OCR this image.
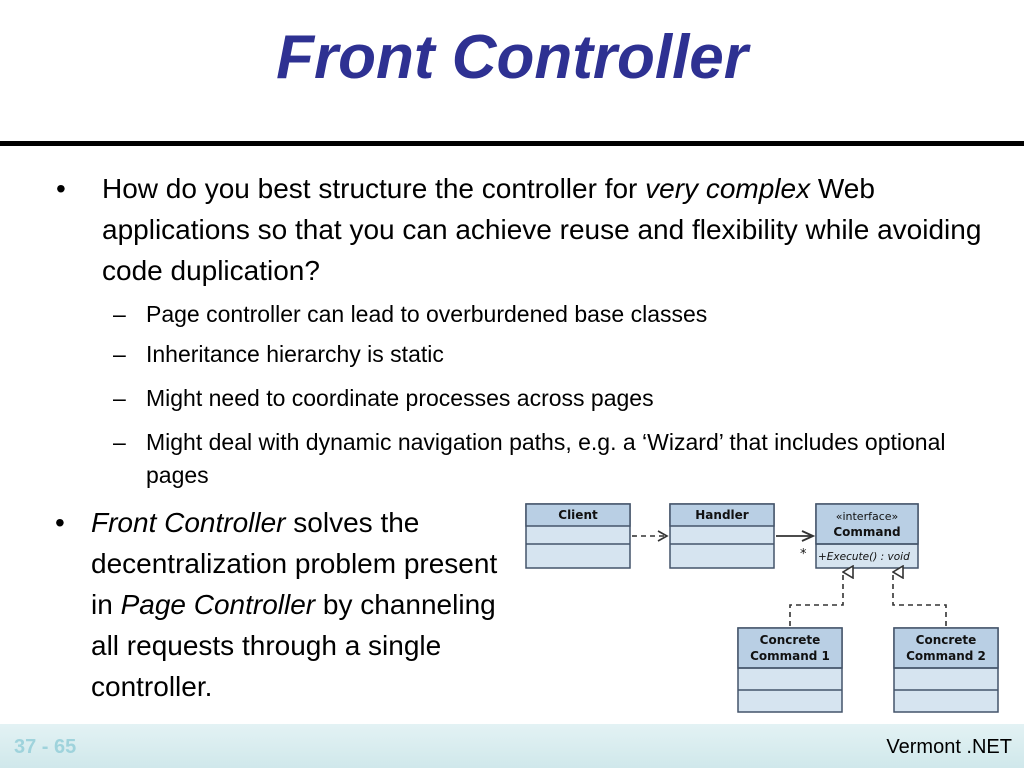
Front Controller

• How do you best structure the controller for very complex Web applications so that you can achieve reuse and flexibility while avoiding code duplication?

– Page controller can lead to overburdened base classes

– Inheritance hierarchy is static

– Might need to coordinate processes across pages

– Might deal with dynamic navigation paths, e.g. a ‘Wizard’ that includes optional pages

• Front Controller solves the decentralization problem present in Page Controller by channeling all requests through a single controller.

Client	Handler	«interface»
Command
+Execute() : void
Concrete
Command 1
Concrete
Command 2
*
37 - 65	Vermont .NET
